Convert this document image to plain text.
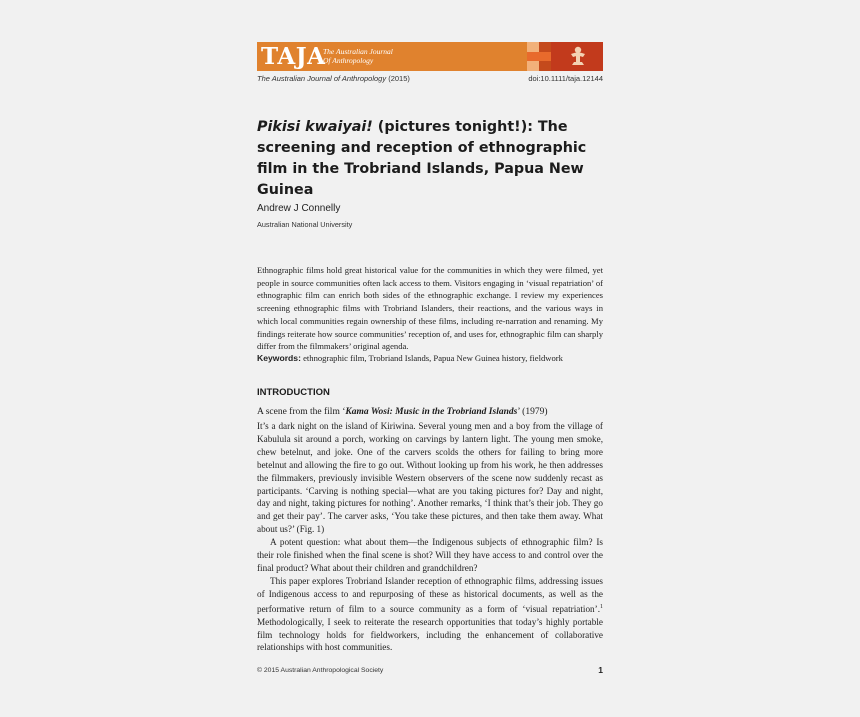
TAJA
The Australian Journal
Of Anthropology
The Australian Journal of Anthropology (2015)	doi:10.1111/taja.12144
Pikisi kwaiyai! (pictures tonight!): The screening and reception of ethnographic film in the Trobriand Islands, Papua New Guinea
Andrew J Connelly
Australian National University

Ethnographic films hold great historical value for the communities in which they were filmed, yet people in source communities often lack access to them. Visitors engaging in ‘visual repatriation’ of ethnographic film can enrich both sides of the ethnographic exchange. I review my experiences screening ethnographic films with Trobriand Islanders, their reactions, and the various ways in which local communities regain ownership of these films, including re-narration and renaming. My findings reiterate how source communities’ reception of, and uses for, ethnographic film can sharply differ from the filmmakers’ original agenda.

Keywords: ethnographic film, Trobriand Islands, Papua New Guinea history, fieldwork
INTRODUCTION
A scene from the film ‘Kama Wosi: Music in the Trobriand Islands’ (1979)

It’s a dark night on the island of Kiriwina. Several young men and a boy from the village of Kabulula sit around a porch, working on carvings by lantern light. The young men smoke, chew betelnut, and joke. One of the carvers scolds the others for failing to bring more betelnut and allowing the fire to go out. Without looking up from his work, he then addresses the filmmakers, previously invisible Western observers of the scene now suddenly recast as participants. ‘Carving is nothing special—what are you taking pictures for? Day and night, day and night, taking pictures for nothing’. Another remarks, ‘I think that’s their job. They go and get their pay’. The carver asks, ‘You take these pictures, and then take them away. What about us?’ (Fig. 1)

A potent question: what about them—the Indigenous subjects of ethnographic film? Is their role finished when the final scene is shot? Will they have access to and control over the final product? What about their children and grandchildren?

This paper explores Trobriand Islander reception of ethnographic films, addressing issues of Indigenous access to and repurposing of these as historical documents, as well as the performative return of film to a source community as a form of ‘visual repatriation’.$^1$ Methodologically, I seek to reiterate the research opportunities that today’s highly portable film technology holds for fieldworkers, including the enhancement of collaborative relationships with host communities.

© 2015 Australian Anthropological Society	1
